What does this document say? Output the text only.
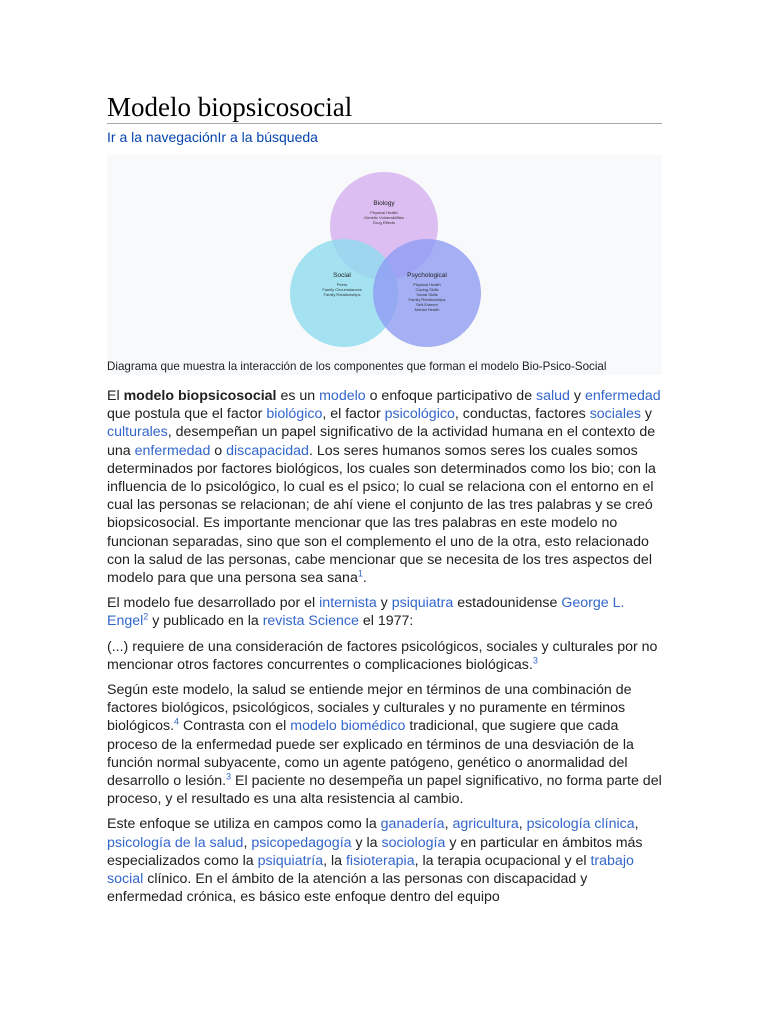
Modelo biopsicosocial
Ir a la navegaciónIr a la búsqueda
Biology
Physical Health
Genetic Vulnerabilities
Drug Effects
Social
Peers
Family Circumstances
Family Relationships
Psychological
Physical Health
Coping Skills
Social Skills
Family Relationships
Self-Esteem
Mental Health
Diagrama que muestra la interacción de los componentes que forman el modelo Bio-Psico-Social

El modelo biopsicosocial es un modelo o enfoque participativo de salud y enfermedad que postula que el factor biológico, el factor psicológico, conductas, factores sociales y culturales, desempeñan un papel significativo de la actividad humana en el contexto de una enfermedad o discapacidad. Los seres humanos somos seres los cuales somos determinados por factores biológicos, los cuales son determinados como los bio; con la influencia de lo psicológico, lo cual es el psico; lo cual se relaciona con el entorno en el cual las personas se relacionan; de ahí viene el conjunto de las tres palabras y se creó biopsicosocial. Es importante mencionar que las tres palabras en este modelo no funcionan separadas, sino que son el complemento el uno de la otra, esto relacionado con la salud de las personas, cabe mencionar que se necesita de los tres aspectos del modelo para que una persona sea sana$^1$.

El modelo fue desarrollado por el internista y psiquiatra estadounidense George L. Engel$^2$ y publicado en la revista Science el 1977:

(...) requiere de una consideración de factores psicológicos, sociales y culturales por no mencionar otros factores concurrentes o complicaciones biológicas.$^3$

Según este modelo, la salud se entiende mejor en términos de una combinación de factores biológicos, psicológicos, sociales y culturales y no puramente en términos biológicos.$^4$ Contrasta con el modelo biomédico tradicional, que sugiere que cada proceso de la enfermedad puede ser explicado en términos de una desviación de la función normal subyacente, como un agente patógeno, genético o anormalidad del desarrollo o lesión.$^3$ El paciente no desempeña un papel significativo, no forma parte del proceso, y el resultado es una alta resistencia al cambio.

Este enfoque se utiliza en campos como la ganadería, agricultura, psicología clínica, psicología de la salud, psicopedagogía y la sociología y en particular en ámbitos más especializados como la psiquiatría, la fisioterapia, la terapia ocupacional y el trabajo social clínico. En el ámbito de la atención a las personas con discapacidad y enfermedad crónica, es básico este enfoque dentro del equipo
